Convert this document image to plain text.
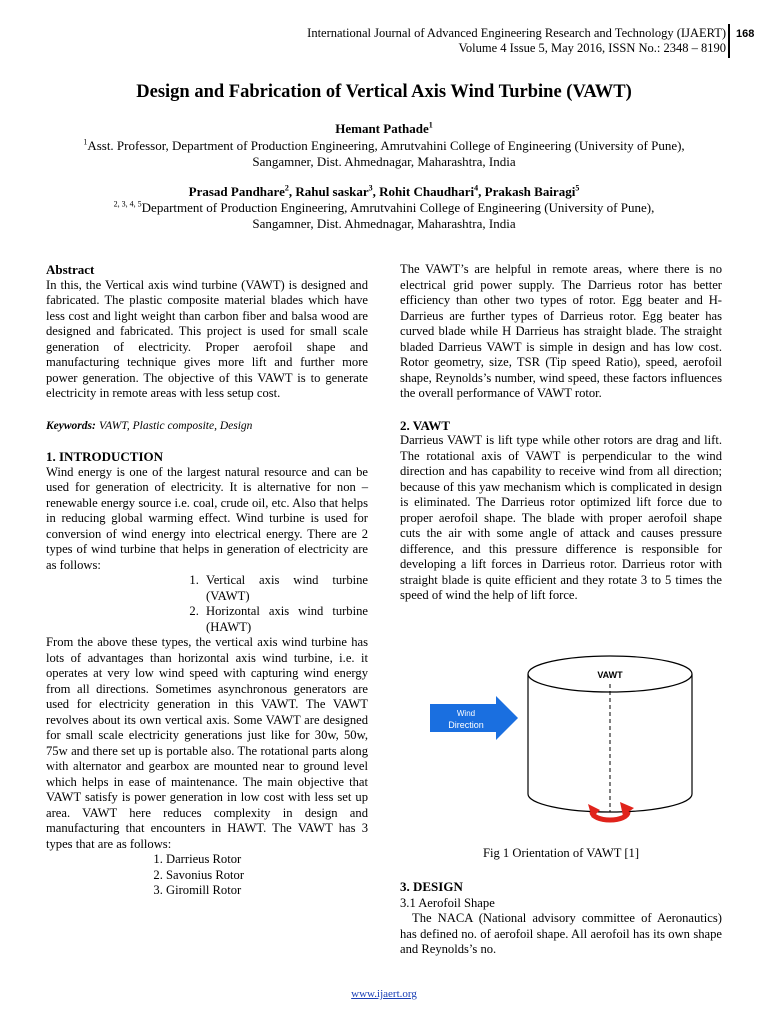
International Journal of Advanced Engineering Research and Technology (IJAERT)
Volume 4 Issue 5, May 2016, ISSN No.: 2348 – 8190
168
Design and Fabrication of Vertical Axis Wind Turbine (VAWT)
Hemant Pathade$^1$
$^1$Asst. Professor, Department of Production Engineering, Amrutvahini College of Engineering (University of Pune),
Sangamner, Dist. Ahmednagar, Maharashtra, India
Prasad Pandhare$^2$, Rahul saskar$^3$, Rohit Chaudhari$^4$, Prakash Bairagi$^5$
$^{2, 3, 4, 5}$Department of Production Engineering, Amrutvahini College of Engineering (University of Pune),
Sangamner, Dist. Ahmednagar, Maharashtra, India

Abstract

In this, the Vertical axis wind turbine (VAWT) is designed and fabricated. The plastic composite material blades which have less cost and light weight than carbon fiber and balsa wood are designed and fabricated. This project is used for small scale generation of electricity. Proper aerofoil shape and manufacturing technique gives more lift and further more power generation. The objective of this VAWT is to generate electricity in remote areas with less setup cost.

Keywords: VAWT, Plastic composite, Design

1. INTRODUCTION

Wind energy is one of the largest natural resource and can be used for generation of electricity. It is alternative for non – renewable energy source i.e. coal, crude oil, etc. Also that helps in reducing global warming effect. Wind turbine is used for conversion of wind energy into electrical energy. There are 2 types of wind turbine that helps in generation of electricity are as follows:

1. Vertical axis wind turbine (VAWT)
2. Horizontal axis wind turbine (HAWT)

From the above these types, the vertical axis wind turbine has lots of advantages than horizontal axis wind turbine, i.e. it operates at very low wind speed with capturing wind energy from all directions. Sometimes asynchronous generators are used for electricity generation in this VAWT. The VAWT revolves about its own vertical axis. Some VAWT are designed for small scale electricity generations just like for 30w, 50w, 75w and there set up is portable also. The rotational parts along with alternator and gearbox are mounted near to ground level which helps in ease of maintenance. The main objective that VAWT satisfy is power generation in low cost with less set up area. VAWT here reduces complexity in design and manufacturing that encounters in HAWT. The VAWT has 3 types that are as follows:

1. Darrieus Rotor
2. Savonius Rotor
3. Giromill Rotor

The VAWT’s are helpful in remote areas, where there is no electrical grid power supply. The Darrieus rotor has better efficiency than other two types of rotor. Egg beater and H-Darrieus are further types of Darrieus rotor. Egg beater has curved blade while H Darrieus has straight blade. The straight bladed Darrieus VAWT is simple in design and has low cost. Rotor geometry, size, TSR (Tip speed Ratio), speed, aerofoil shape, Reynolds’s number, wind speed, these factors influences the overall performance of VAWT rotor.

2. VAWT

Darrieus VAWT is lift type while other rotors are drag and lift. The rotational axis of VAWT is perpendicular to the wind direction and has capability to receive wind from all direction; because of this yaw mechanism which is complicated in design is eliminated. The Darrieus rotor optimized lift force due to proper aerofoil shape. The blade with proper aerofoil shape cuts the air with some angle of attack and causes pressure difference, and this pressure difference is responsible for developing a lift forces in Darrieus rotor. Darrieus rotor with straight blade is quite efficient and they rotate 3 to 5 times the speed of wind the help of lift force.

VAWT
Wind
Direction
Fig 1 Orientation of VAWT [1]

3. DESIGN

3.1 Aerofoil Shape

The NACA (National advisory committee of Aeronautics) has defined no. of aerofoil shape. All aerofoil has its own shape and Reynolds’s no.

www.ijaert.org
